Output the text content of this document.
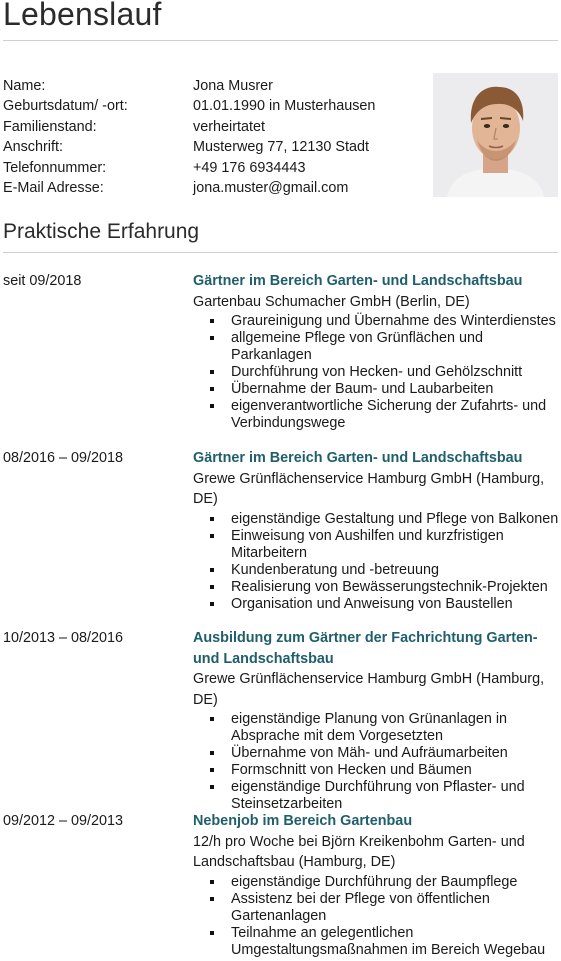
Lebenslauf
Name:	Jona Musrer
Geburtsdatum/ -ort:	01.01.1990 in Musterhausen
Familienstand:	verheirtatet
Anschrift:	Musterweg 77, 12130 Stadt
Telefonnummer:	+49 176 6934443
E-Mail Adresse:	jona.muster@gmail.com
Praktische Erfahrung
seit 09/2018	Gärtner im Bereich Garten- und Landschaftsbau
Gartenbau Schumacher GmbH (Berlin, DE)
Graureinigung und Übernahme des Winterdienstes
allgemeine Pflege von Grünflächen und Parkanlagen
Durchführung von Hecken- und Gehölzschnitt
Übernahme der Baum- und Laubarbeiten
eigenverantwortliche Sicherung der Zufahrts- und Verbindungswege
08/2016 – 09/2018	Gärtner im Bereich Garten- und Landschaftsbau
Grewe Grünflächenservice Hamburg GmbH (Hamburg, DE)
eigenständige Gestaltung und Pflege von Balkonen
Einweisung von Aushilfen und kurzfristigen Mitarbeitern
Kundenberatung und -betreuung
Realisierung von Bewässerungstechnik-Projekten
Organisation und Anweisung von Baustellen
10/2013 – 08/2016	Ausbildung zum Gärtner der Fachrichtung Garten- und Landschaftsbau
Grewe Grünflächenservice Hamburg GmbH (Hamburg, DE)
eigenständige Planung von Grünanlagen in Absprache mit dem Vorgesetzten
Übernahme von Mäh- und Aufräumarbeiten
Formschnitt von Hecken und Bäumen
eigenständige Durchführung von Pflaster- und Steinsetzarbeiten
09/2012 – 09/2013	Nebenjob im Bereich Gartenbau
12/h pro Woche bei Björn Kreikenbohm Garten- und Landschaftsbau (Hamburg, DE)
eigenständige Durchführung der Baumpflege
Assistenz bei der Pflege von öffentlichen Gartenanlagen
Teilnahme an gelegentlichen Umgestaltungsmaßnahmen im Bereich Wegebau
